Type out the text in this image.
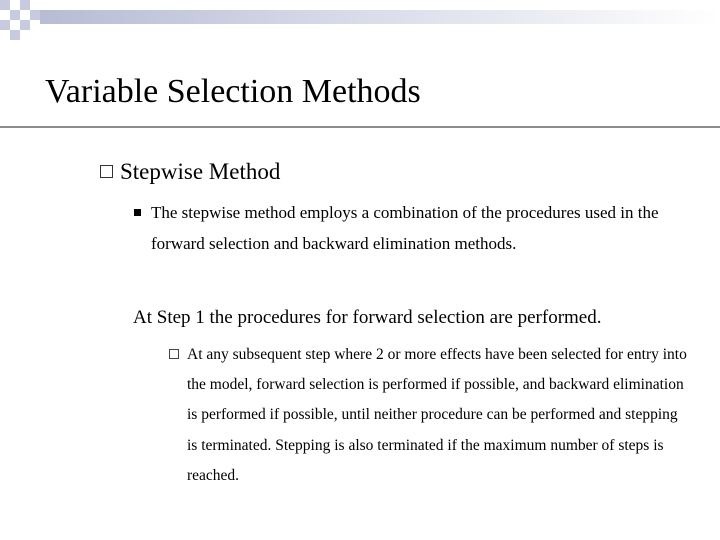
Variable Selection Methods
Stepwise Method
The stepwise method employs a combination of the procedures used in the forward selection and backward elimination methods.
At Step 1 the procedures for forward selection are performed.
At any subsequent step where 2 or more effects have been selected for entry into the model, forward selection is performed if possible, and backward elimination is performed if possible, until neither procedure can be performed and stepping is terminated. Stepping is also terminated if the maximum number of steps is reached.
